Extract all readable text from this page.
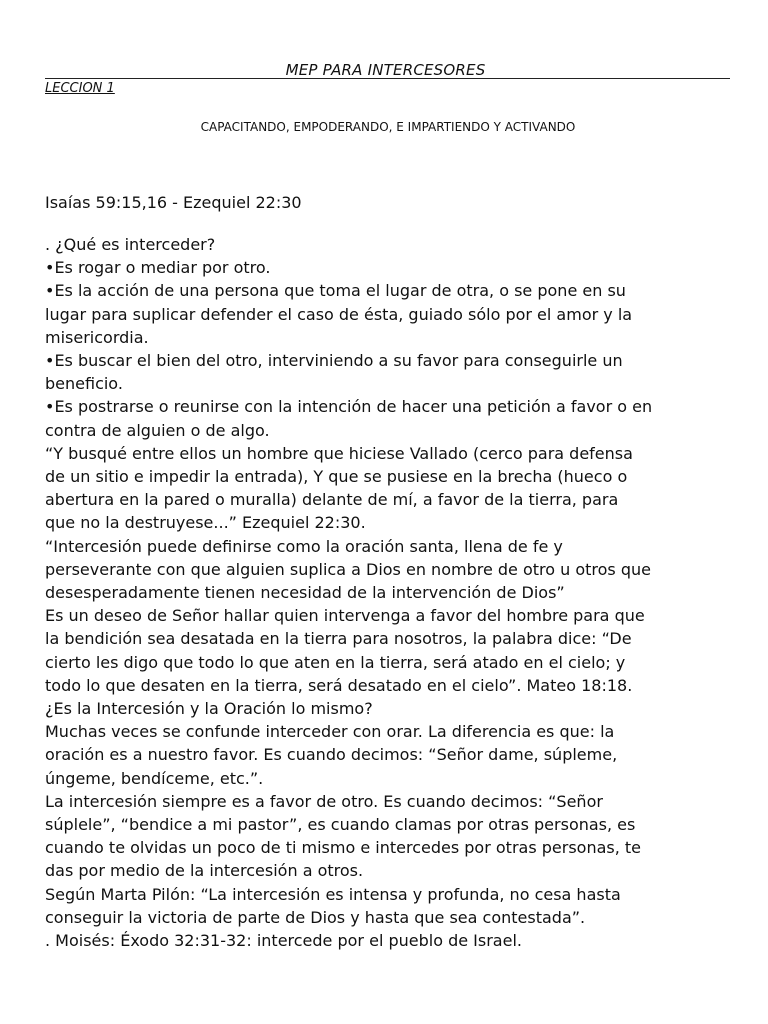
MEP PARA INTERCESORES
LECCION 1
CAPACITANDO, EMPODERANDO, E IMPARTIENDO Y ACTIVANDO
Isaías 59:15,16 - Ezequiel 22:30
. ¿Qué es interceder?
•Es rogar o mediar por otro.
•Es la acción de una persona que toma el lugar de otra, o se pone en su
lugar para suplicar defender el caso de ésta, guiado sólo por el amor y la
misericordia.
•Es buscar el bien del otro, interviniendo a su favor para conseguirle un
beneficio.
•Es postrarse o reunirse con la intención de hacer una petición a favor o en
contra de alguien o de algo.
“Y busqué entre ellos un hombre que hiciese Vallado (cerco para defensa
de un sitio e impedir la entrada), Y que se pusiese en la brecha (hueco o
abertura en la pared o muralla) delante de mí, a favor de la tierra, para
que no la destruyese...” Ezequiel 22:30.
“Intercesión puede definirse como la oración santa, llena de fe y
perseverante con que alguien suplica a Dios en nombre de otro u otros que
desesperadamente tienen necesidad de la intervención de Dios”
Es un deseo de Señor hallar quien intervenga a favor del hombre para que
la bendición sea desatada en la tierra para nosotros, la palabra dice: “De
cierto les digo que todo lo que aten en la tierra, será atado en el cielo; y
todo lo que desaten en la tierra, será desatado en el cielo”. Mateo 18:18.
¿Es la Intercesión y la Oración lo mismo?
Muchas veces se confunde interceder con orar. La diferencia es que: la
oración es a nuestro favor. Es cuando decimos: “Señor dame, súpleme,
úngeme, bendíceme, etc.”.
La intercesión siempre es a favor de otro. Es cuando decimos: “Señor
súplele”, “bendice a mi pastor”, es cuando clamas por otras personas, es
cuando te olvidas un poco de ti mismo e intercedes por otras personas, te
das por medio de la intercesión a otros.
Según Marta Pilón: “La intercesión es intensa y profunda, no cesa hasta
conseguir la victoria de parte de Dios y hasta que sea contestada”.
. Moisés: Éxodo 32:31-32: intercede por el pueblo de Israel.
